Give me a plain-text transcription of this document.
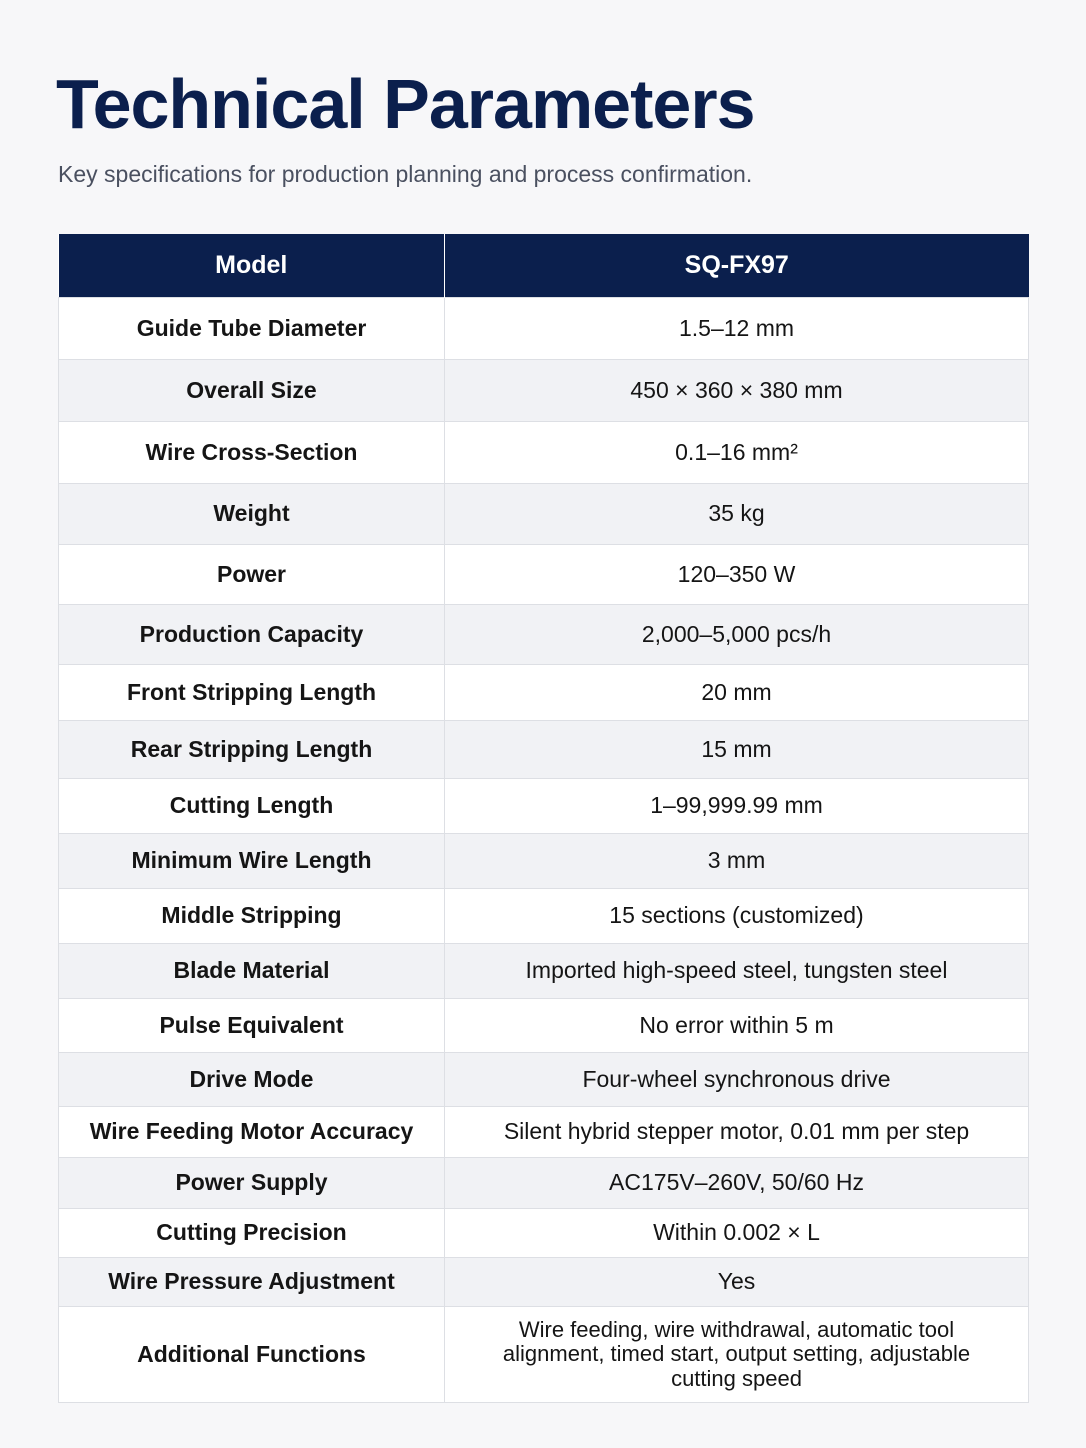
Technical Parameters

Key specifications for production planning and process confirmation.

Model	SQ-FX97
Guide Tube Diameter	1.5–12 mm
Overall Size	450 × 360 × 380 mm
Wire Cross-Section	0.1–16 mm²
Weight	35 kg
Power	120–350 W
Production Capacity	2,000–5,000 pcs/h
Front Stripping Length	20 mm
Rear Stripping Length	15 mm
Cutting Length	1–99,999.99 mm
Minimum Wire Length	3 mm
Middle Stripping	15 sections (customized)
Blade Material	Imported high-speed steel, tungsten steel
Pulse Equivalent	No error within 5 m
Drive Mode	Four-wheel synchronous drive
Wire Feeding Motor Accuracy	Silent hybrid stepper motor, 0.01 mm per step
Power Supply	AC175V–260V, 50/60 Hz
Cutting Precision	Within 0.002 × L
Wire Pressure Adjustment	Yes
Additional Functions	Wire feeding, wire withdrawal, automatic tool alignment, timed start, output setting, adjustable cutting speed
